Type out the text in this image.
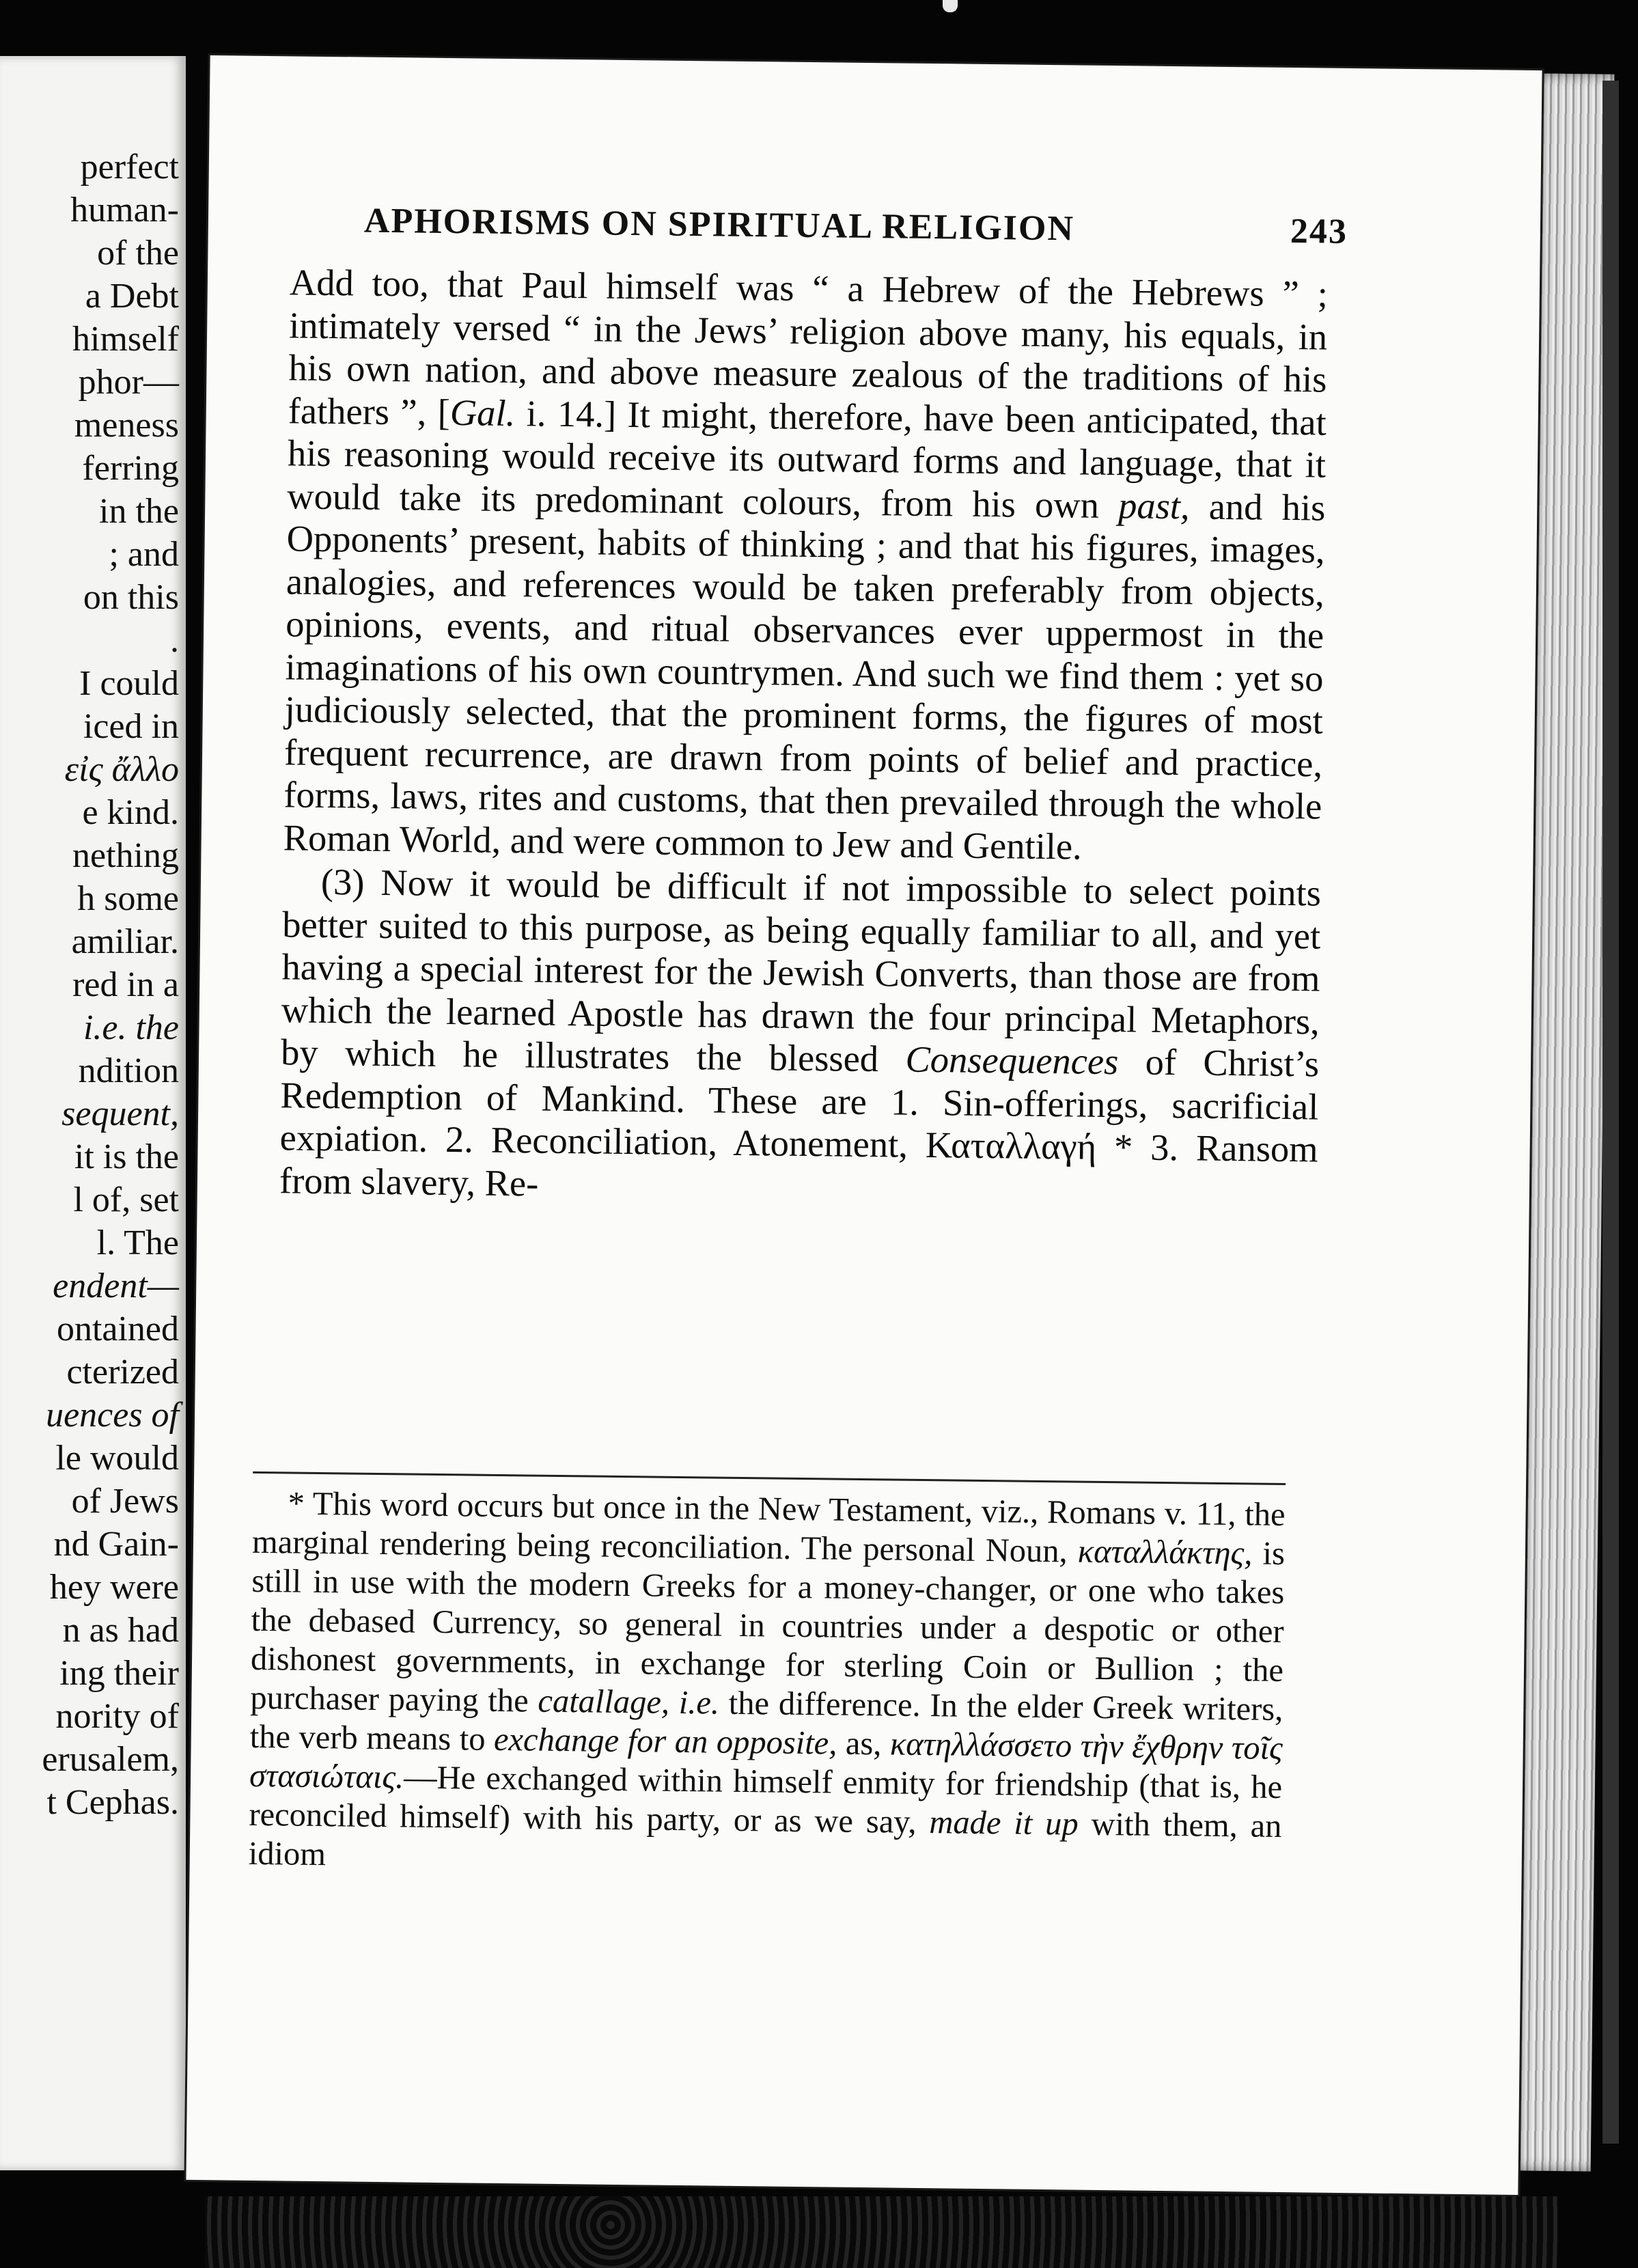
perfect
human-
of the
a Debt
himself
phor—
meness
ferring
in the
; and
on this
.
I could
iced in
εἰς ἄλλο
e kind.
nething
h some
amiliar.
red in a
i.e. the
ndition
sequent,
it is the
l of, set
l. The
endent—
ontained
cterized
uences of
le would
of Jews
nd Gain-
hey were
n as had
ing their
nority of
erusalem,
t Cephas.
APHORISMS ON SPIRITUAL RELIGION	243

Add too, that Paul himself was “ a Hebrew of the Hebrews ” ; intimately versed “ in the Jews’ religion above many, his equals, in his own nation, and above measure zealous of the traditions of his fathers ”, [Gal. i. 14.] It might, therefore, have been anticipated, that his reasoning would receive its outward forms and language, that it would take its predominant colours, from his own past, and his Opponents’ present, habits of thinking ; and that his figures, images, analogies, and references would be taken preferably from objects, opinions, events, and ritual observances ever uppermost in the imaginations of his own countrymen. And such we find them : yet so judiciously selected, that the prominent forms, the figures of most frequent recurrence, are drawn from points of belief and practice, forms, laws, rites and customs, that then prevailed through the whole Roman World, and were common to Jew and Gentile.

(3) Now it would be difficult if not impossible to select points better suited to this purpose, as being equally familiar to all, and yet having a special interest for the Jewish Converts, than those are from which the learned Apostle has drawn the four principal Metaphors, by which he illustrates the blessed Consequences of Christ’s Redemption of Mankind. These are 1. Sin-offerings, sacrificial expiation. 2. Reconciliation, Atonement, Καταλλαγή * 3. Ransom from slavery, Re-

* This word occurs but once in the New Testament, viz., Romans v. 11, the marginal rendering being reconciliation. The personal Noun, καταλλάκτης, is still in use with the modern Greeks for a money-changer, or one who takes the debased Currency, so general in countries under a despotic or other dishonest governments, in exchange for sterling Coin or Bullion ; the purchaser paying the catallage, i.e. the difference. In the elder Greek writers, the verb means to exchange for an opposite, as, κατηλλάσσετο τὴν ἔχθρην τοῖς στασιώταις.—He exchanged within himself enmity for friendship (that is, he reconciled himself) with his party, or as we say, made it up with them, an idiom
